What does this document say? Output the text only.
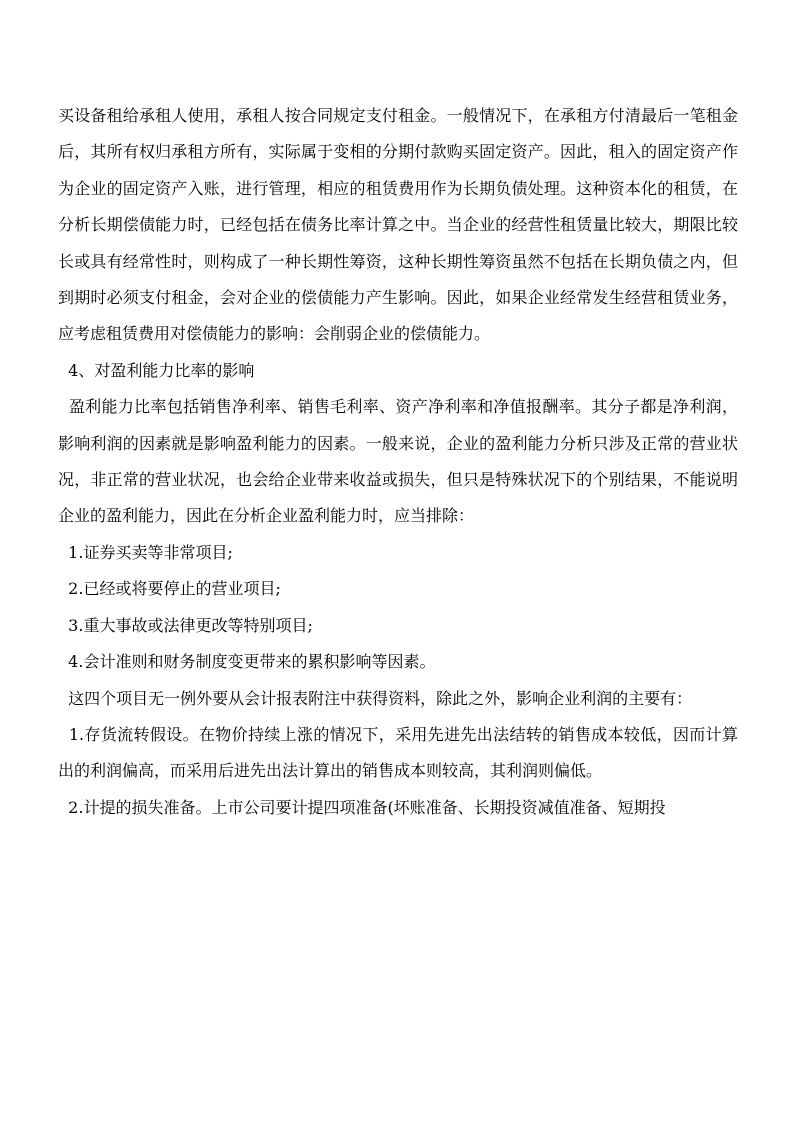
买设备租给承租人使用，承租人按合同规定支付租金。一般情况下，在承租方付清最后一笔租金后，其所有权归承租方所有，实际属于变相的分期付款购买固定资产。因此，租入的固定资产作为企业的固定资产入账，进行管理，相应的租赁费用作为长期负债处理。这种资本化的租赁，在分析长期偿债能力时，已经包括在债务比率计算之中。当企业的经营性租赁量比较大，期限比较长或具有经常性时，则构成了一种长期性筹资，这种长期性筹资虽然不包括在长期负债之内，但到期时必须支付租金，会对企业的偿债能力产生影响。因此，如果企业经常发生经营租赁业务，应考虑租赁费用对偿债能力的影响：会削弱企业的偿债能力。

4、对盈利能力比率的影响

盈利能力比率包括销售净利率、销售毛利率、资产净利率和净值报酬率。其分子都是净利润，影响利润的因素就是影响盈利能力的因素。一般来说，企业的盈利能力分析只涉及正常的营业状况，非正常的营业状况，也会给企业带来收益或损失，但只是特殊状况下的个别结果，不能说明企业的盈利能力，因此在分析企业盈利能力时，应当排除：

1.证券买卖等非常项目;

2.已经或将要停止的营业项目;

3.重大事故或法律更改等特别项目;

4.会计准则和财务制度变更带来的累积影响等因素。

这四个项目无一例外要从会计报表附注中获得资料，除此之外，影响企业利润的主要有：

1.存货流转假设。在物价持续上涨的情况下，采用先进先出法结转的销售成本较低，因而计算出的利润偏高，而采用后进先出法计算出的销售成本则较高，其利润则偏低。

2.计提的损失准备。上市公司要计提四项准备(坏账准备、长期投资减值准备、短期投
